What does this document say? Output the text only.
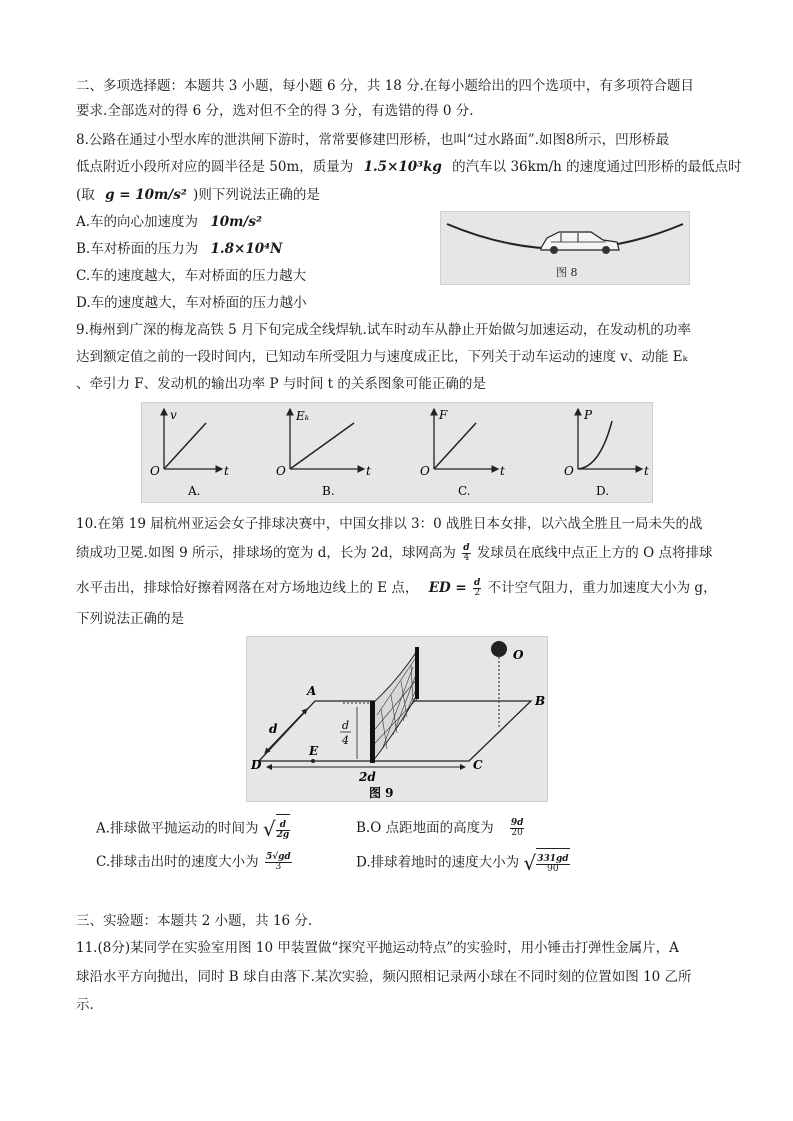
二、多项选择题：本题共 3 小题，每小题 6 分，共 18 分.在每小题给出的四个选项中，有多项符合题目
要求.全部选对的得 6 分，选对但不全的得 3 分，有选错的得 0 分.
8.公路在通过小型水库的泄洪闸下游时，常常要修建凹形桥，也叫“过水路面”.如图8所示，凹形桥最
低点附近小段所对应的圆半径是 50m，质量为 1.5×10³kg 的汽车以 36km/h 的速度通过凹形桥的最低点时
(取 g = 10m/s² )则下列说法正确的是
A.车的向心加速度为 10m/s²
B.车对桥面的压力为 1.8×10⁴N
C.车的速度越大，车对桥面的压力越大
D.车的速度越大，车对桥面的压力越小
图 8
9.梅州到广深的梅龙高铁 5 月下旬完成全线焊轨.试车时动车从静止开始做匀加速运动，在发动机的功率
达到额定值之前的一段时间内，已知动车所受阻力与速度成正比，下列关于动车运动的速度 v、动能 Eₖ
、牵引力 F、发动机的输出功率 P 与时间 t 的关系图象可能正确的是
v
t
O
A.
Eₖ
t
O
B.
F
t
O
C.
P
t
O
D.
10.在第 19 届杭州亚运会女子排球决赛中，中国女排以 3：0 战胜日本女排，以六战全胜且一局未失的战
绩成功卫冕.如图 9 所示，排球场的宽为 d，长为 2d，球网高为 $\frac{d}{4}$ 发球员在底线中点正上方的 O 点将排球
水平击出，排球恰好擦着网落在对方场地边线上的 E 点， ED = $\frac{d}{2}$ 不计空气阻力，重力加速度大小为 g，
下列说法正确的是
d
4
A
B
C
D
E
O
d
2d
图 9
A.排球做平抛运动的时间为 √ $\frac{d}{2g}$	B.O 点距地面的高度为 $\frac{9d}{20}$
C.排球击出时的速度大小为 $\frac{5√gd}{3}$	D.排球着地时的速度大小为 √ $\frac{331gd}{90}$
三、实验题：本题共 2 小题，共 16 分.
11.(8分)某同学在实验室用图 10 甲装置做“探究平抛运动特点”的实验时，用小锤击打弹性金属片，A
球沿水平方向抛出，同时 B 球自由落下.某次实验，频闪照相记录两小球在不同时刻的位置如图 10 乙所
示.
